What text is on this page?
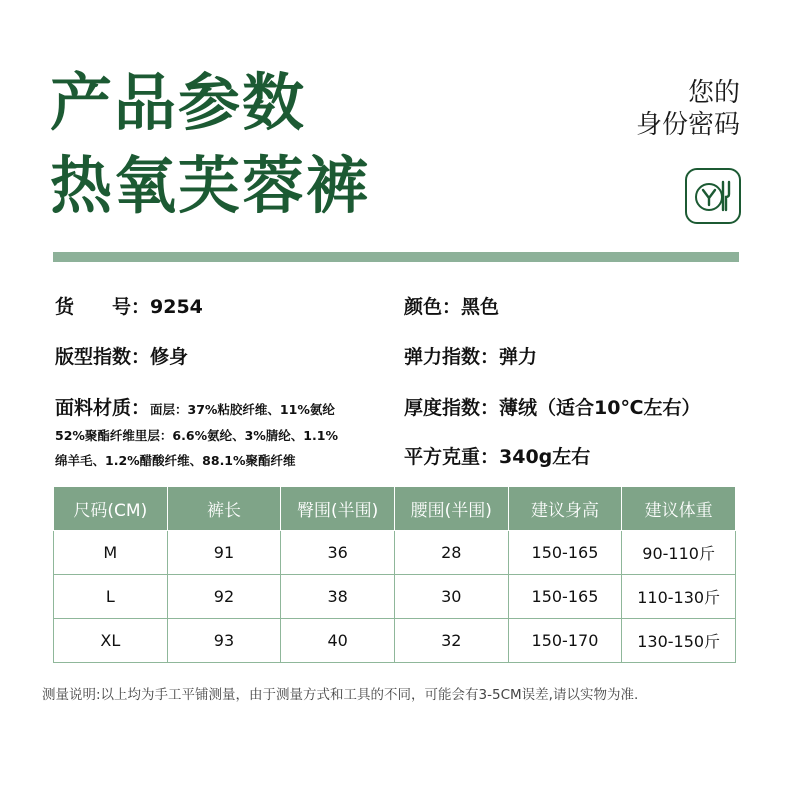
产品参数
热氧芙蓉裤
您的
身份密码
货　　号：9254	颜色：黑色
版型指数：修身	弹力指数：弹力
面料材质：面层：37%粘胶纤维、11%氨纶
52%聚酯纤维里层：6.6%氨纶、3%腈纶、1.1%
绵羊毛、1.2%醋酸纤维、88.1%聚酯纤维
厚度指数：薄绒（适合10℃左右）
平方克重：340g左右
尺码(CM)	裤长	臀围(半围)	腰围(半围)	建议身高	建议体重
M	91	36	28	150-165	90-110斤
L	92	38	30	150-165	110-130斤
XL	93	40	32	150-170	130-150斤
测量说明:以上均为手工平铺测量，由于测量方式和工具的不同，可能会有3-5CM误差,请以实物为准.
